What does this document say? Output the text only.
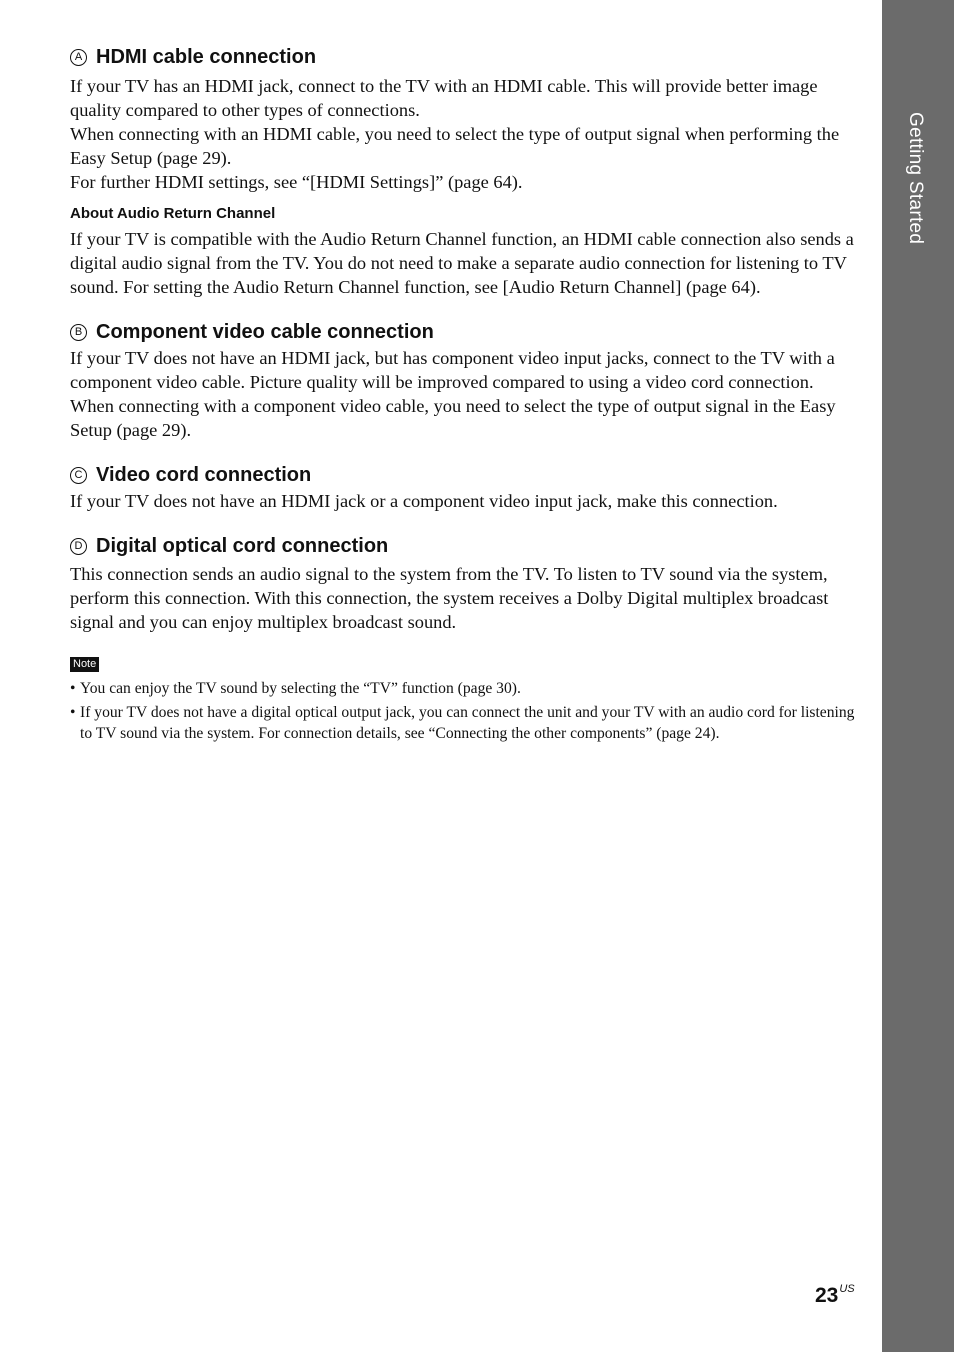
Getting Started
A HDMI cable connection

If your TV has an HDMI jack, connect to the TV with an HDMI cable. This will provide better image quality compared to other types of connections.

When connecting with an HDMI cable, you need to select the type of output signal when performing the Easy Setup (page 29).

For further HDMI settings, see “[HDMI Settings]” (page 64).

About Audio Return Channel

If your TV is compatible with the Audio Return Channel function, an HDMI cable connection also sends a digital audio signal from the TV. You do not need to make a separate audio connection for listening to TV sound. For setting the Audio Return Channel function, see [Audio Return Channel] (page 64).

B Component video cable connection

If your TV does not have an HDMI jack, but has component video input jacks, connect to the TV with a component video cable. Picture quality will be improved compared to using a video cord connection.

When connecting with a component video cable, you need to select the type of output signal in the Easy Setup (page 29).

C Video cord connection

If your TV does not have an HDMI jack or a component video input jack, make this connection.

D Digital optical cord connection

This connection sends an audio signal to the system from the TV. To listen to TV sound via the system, perform this connection. With this connection, the system receives a Dolby Digital multiplex broadcast signal and you can enjoy multiplex broadcast sound.

Note
• You can enjoy the TV sound by selecting the “TV” function (page 30).
• If your TV does not have a digital optical output jack, you can connect the unit and your TV with an audio cord for listening to TV sound via the system. For connection details, see “Connecting the other components” (page 24).
$23^{US}$
